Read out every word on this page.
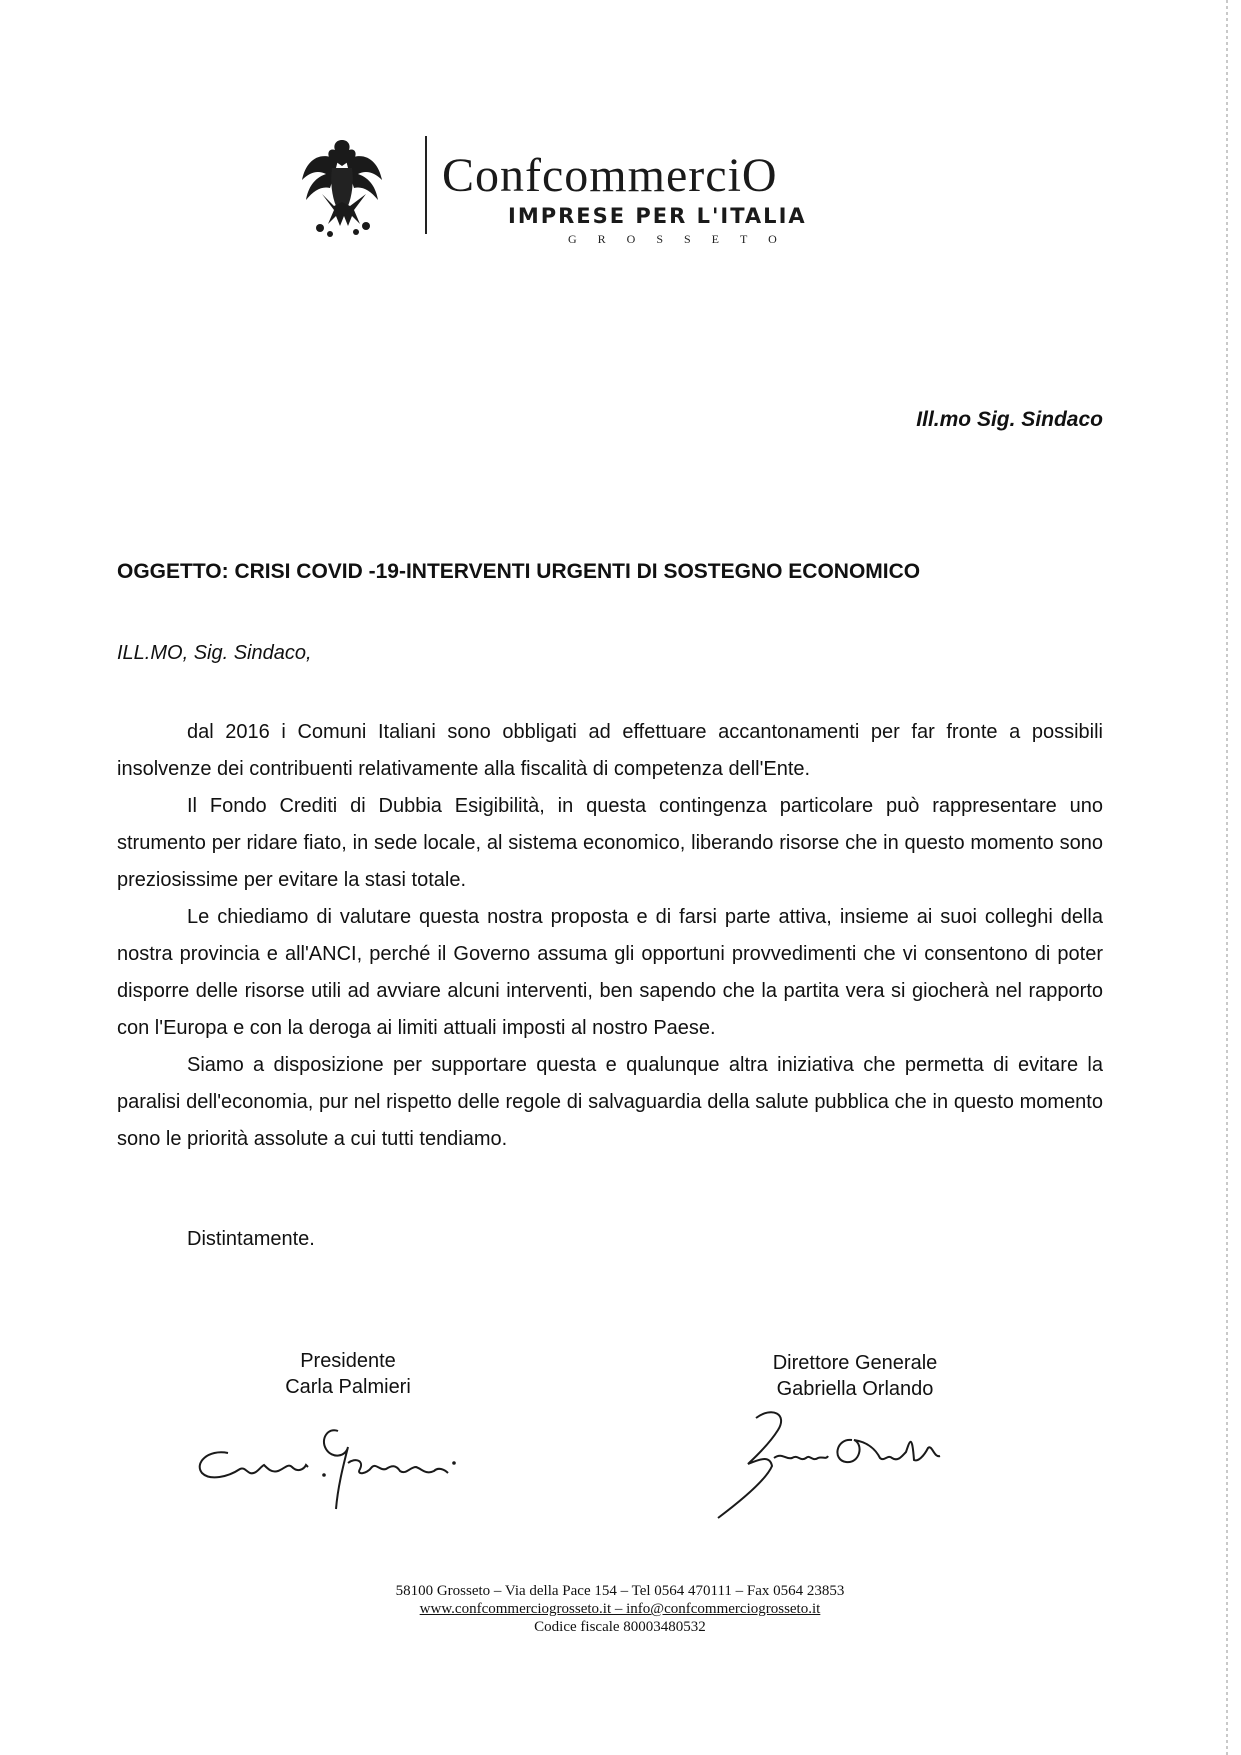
ConfcommerciO
IMPRESE PER L'ITALIA
GROSSETO
Ill.mo Sig. Sindaco
OGGETTO: CRISI COVID -19-INTERVENTI URGENTI DI SOSTEGNO ECONOMICO
ILL.MO, Sig. Sindaco,

dal 2016 i Comuni Italiani sono obbligati ad effettuare accantonamenti per far fronte a possibili insolvenze dei contribuenti relativamente alla fiscalità di competenza dell'Ente.

Il Fondo Crediti di Dubbia Esigibilità, in questa contingenza particolare può rappresentare uno strumento per ridare fiato, in sede locale, al sistema economico, liberando risorse che in questo momento sono preziosissime per evitare la stasi totale.

Le chiediamo di valutare questa nostra proposta e di farsi parte attiva, insieme ai suoi colleghi della nostra provincia e all'ANCI, perché il Governo assuma gli opportuni provvedimenti che vi consentono di poter disporre delle risorse utili ad avviare alcuni interventi, ben sapendo che la partita vera si giocherà nel rapporto con l'Europa e con la deroga ai limiti attuali imposti al nostro Paese.

Siamo a disposizione per supportare questa e qualunque altra iniziativa che permetta di evitare la paralisi dell'economia, pur nel rispetto delle regole di salvaguardia della salute pubblica che in questo momento sono le priorità assolute a cui tutti tendiamo.

Distintamente.
Presidente
Carla Palmieri
Direttore Generale
Gabriella Orlando
58100 Grosseto – Via della Pace 154 – Tel 0564 470111 – Fax 0564 23853
www.confcommerciogrosseto.it – info@confcommerciogrosseto.it
Codice fiscale 80003480532
